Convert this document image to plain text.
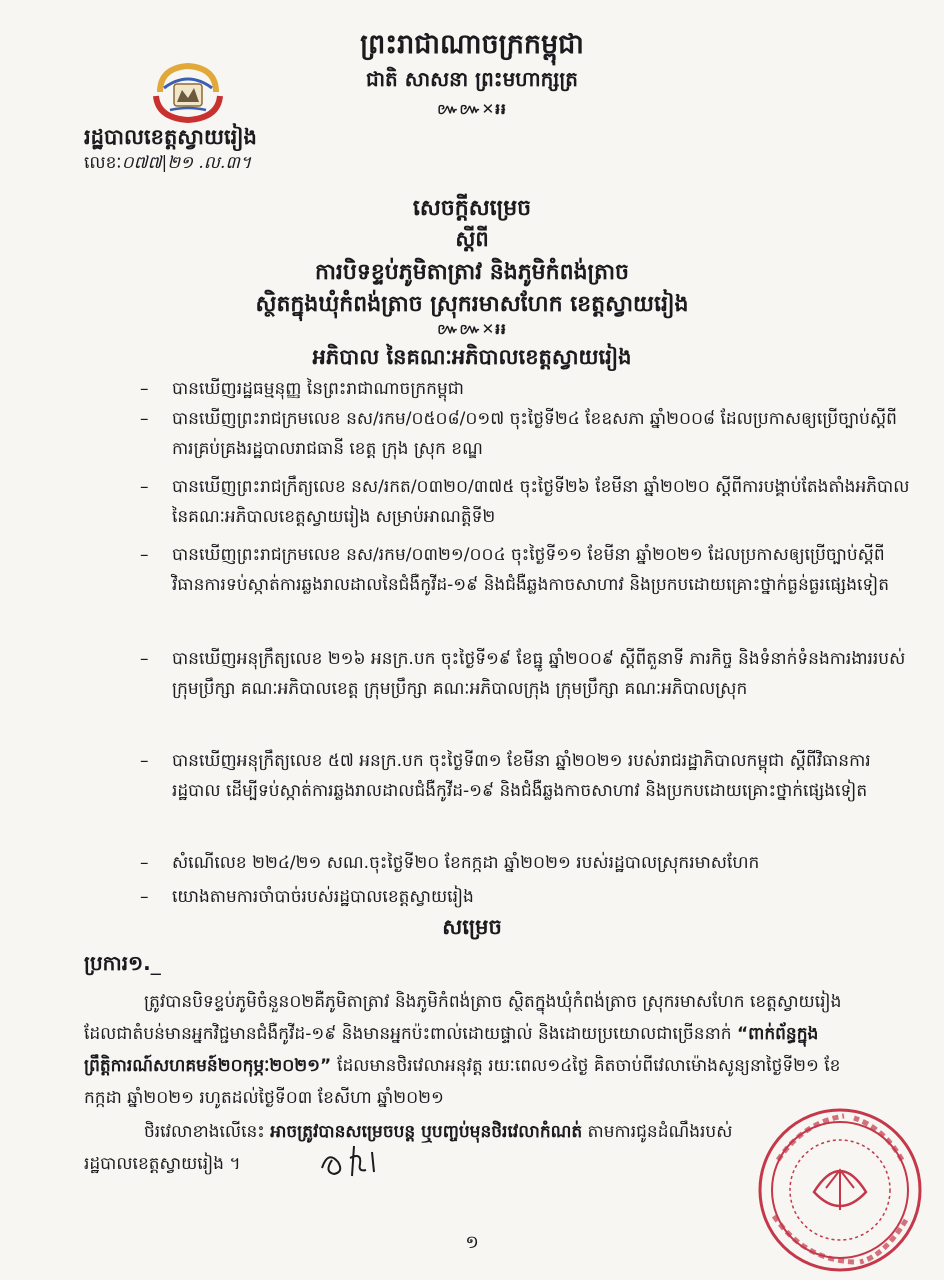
ព្រះរាជាណាចក្រកម្ពុជា
ជាតិ សាសនា ព្រះមហាក្សត្រ
៚៚✕៛៛
រដ្ឋបាលខេត្តស្វាយរៀង
លេខៈ០៧៧|២១ .ល.៣។
សេចក្តីសម្រេច
ស្តីពី
ការបិទខ្ទប់ភូមិតាត្រាវ និងភូមិកំពង់ត្រាច
ស្ថិតក្នុងឃុំកំពង់ត្រាច ស្រុករមាសហែក ខេត្តស្វាយរៀង
៚៚✕៛៛
អភិបាល នៃគណៈអភិបាលខេត្តស្វាយរៀង
– បានឃើញរដ្ឋធម្មនុញ្ញ នៃព្រះរាជាណាចក្រកម្ពុជា
– បានឃើញព្រះរាជក្រមលេខ នស/រកម/០៥០៨/០១៧ ចុះថ្ងៃទី២៤ ខែឧសភា ឆ្នាំ២០០៨ ដែលប្រកាសឲ្យប្រើច្បាប់ស្តីពីការគ្រប់គ្រងរដ្ឋបាលរាជធានី ខេត្ត ក្រុង ស្រុក ខណ្ឌ
– បានឃើញព្រះរាជក្រឹត្យលេខ នស/រកត/០៣២០/៣៧៥ ចុះថ្ងៃទី២៦ ខែមីនា ឆ្នាំ២០២០ ស្តីពីការបង្គាប់តែងតាំងអភិបាល នៃគណៈអភិបាលខេត្តស្វាយរៀង សម្រាប់អាណត្តិទី២
– បានឃើញព្រះរាជក្រមលេខ នស/រកម/០៣២១/០០៤ ចុះថ្ងៃទី១១ ខែមីនា ឆ្នាំ២០២១ ដែលប្រកាសឲ្យប្រើច្បាប់ស្តីពីវិធានការទប់ស្កាត់ការឆ្លងរាលដាលនៃជំងឺកូវីដ-១៩ និងជំងឺឆ្លងកាចសាហាវ និងប្រកបដោយគ្រោះថ្នាក់ធ្ងន់ធ្ងរផ្សេងទៀត
– បានឃើញអនុក្រឹត្យលេខ ២១៦ អនក្រ.បក ចុះថ្ងៃទី១៩ ខែធ្នូ ឆ្នាំ២០០៩ ស្តីពីតួនាទី ភារកិច្ច និងទំនាក់ទំនងការងាររបស់ក្រុមប្រឹក្សា គណៈអភិបាលខេត្ត ក្រុមប្រឹក្សា គណៈអភិបាលក្រុង ក្រុមប្រឹក្សា គណៈអភិបាលស្រុក
– បានឃើញអនុក្រឹត្យលេខ ៥៧ អនក្រ.បក ចុះថ្ងៃទី៣១ ខែមីនា ឆ្នាំ២០២១ របស់រាជរដ្ឋាភិបាលកម្ពុជា ស្តីពីវិធានការរដ្ឋបាល ដើម្បីទប់ស្កាត់ការឆ្លងរាលដាលជំងឺកូវីដ-១៩ និងជំងឺឆ្លងកាចសាហាវ និងប្រកបដោយគ្រោះថ្នាក់ផ្សេងទៀត
– សំណើលេខ ២២៤/២១ សណ.ចុះថ្ងៃទី២០ ខែកក្កដា ឆ្នាំ២០២១ របស់រដ្ឋបាលស្រុករមាសហែក
– យោងតាមការចាំបាច់របស់រដ្ឋបាលខេត្តស្វាយរៀង
សម្រេច
ប្រការ១._
ត្រូវបានបិទខ្ទប់ភូមិចំនួន០២គឺភូមិតាត្រាវ និងភូមិកំពង់ត្រាច ស្ថិតក្នុងឃុំកំពង់ត្រាច ស្រុករមាសហែក ខេត្តស្វាយរៀង ដែលជាតំបន់មានអ្នកវិជ្ជមានជំងឺកូវីដ-១៩ និងមានអ្នកប៉ះពាល់ដោយផ្ទាល់ និងដោយប្រយោលជាច្រើននាក់ “ពាក់ព័ន្ធក្នុងព្រឹត្តិការណ៍សហគមន៍២០កុម្ភៈ២០២១” ដែលមានថិរវេលាអនុវត្ត រយៈពេល១៤ថ្ងៃ គិតចាប់ពីវេលាម៉ោងសូន្យនាថ្ងៃទី២១ ខែកក្កដា ឆ្នាំ២០២១ រហូតដល់ថ្ងៃទី០៣ ខែសីហា ឆ្នាំ២០២១
ថិរវេលាខាងលើនេះ អាចត្រូវបានសម្រេចបន្ត ឬបញ្ចប់មុនថិរវេលាកំណត់ តាមការជូនដំណឹងរបស់រដ្ឋបាលខេត្តស្វាយរៀង ។
១
